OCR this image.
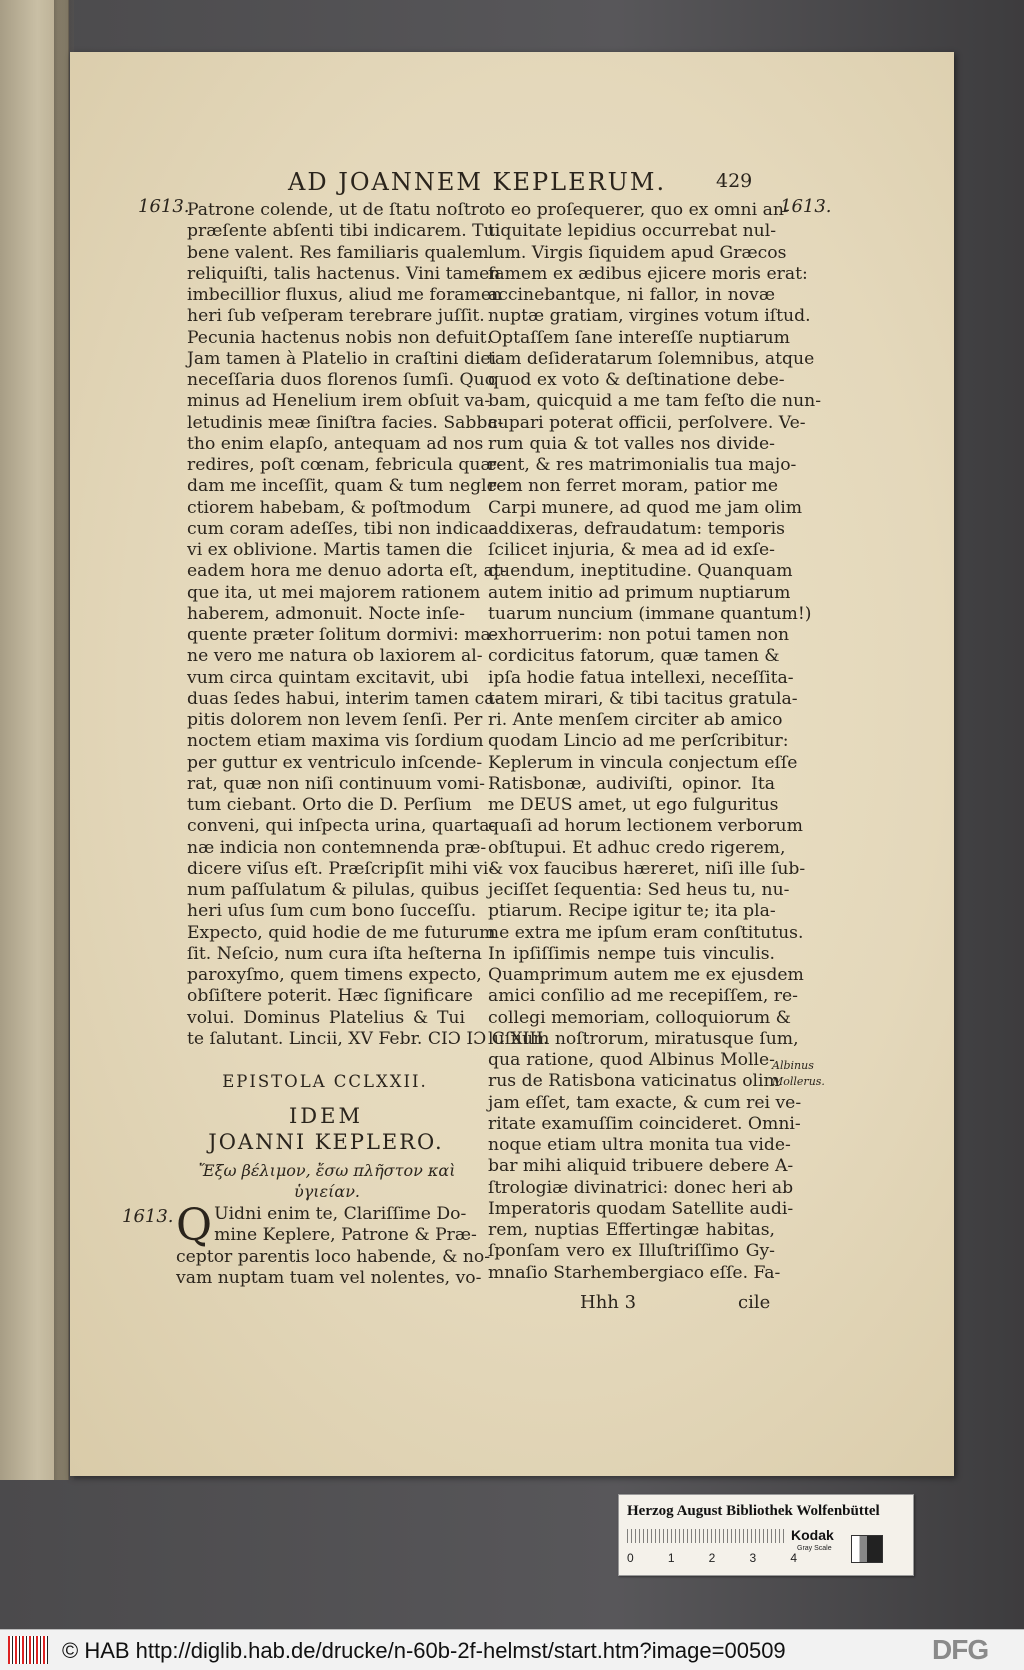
AD JOANNEM KEPLERUM.	429
1613.	1613.
1613.
Patrone colende, ut de ſtatu noſtro
præſente abſenti tibi indicarem. Tui
bene valent. Res familiaris qualem
reliquiſti, talis hactenus. Vini tamen
imbecillior fluxus, aliud me foramen
heri ſub veſperam terebrare juſſit.
Pecunia hactenus nobis non defuit.
Jam tamen à Platelio in craſtini diei
neceſſaria duos florenos ſumſi. Quo
minus ad Henelium irem obſuit va-
letudinis meæ ſiniſtra facies. Sabba-
tho enim elapſo, antequam ad nos
redires, poſt cœnam, febricula quæ-
dam me inceſſit, quam & tum negle-
ctiorem habebam, & poſtmodum
cum coram adeſſes, tibi non indica-
vi ex oblivione. Martis tamen die
eadem hora me denuo adorta eſt, at-
que ita, ut mei majorem rationem
haberem, admonuit. Nocte inſe-
quente præter ſolitum dormivi: ma-
ne vero me natura ob laxiorem al-
vum circa quintam excitavit, ubi
duas ſedes habui, interim tamen ca-
pitis dolorem non levem ſenſi. Per
noctem etiam maxima vis ſordium
per guttur ex ventriculo inſcende-
rat, quæ non niſi continuum vomi-
tum ciebant. Orto die D. Perſium
conveni, qui inſpecta urina, quarta-
næ indicia non contemnenda præ-
dicere viſus eſt. Præſcripſit mihi vi-
num paſſulatum & pilulas, quibus
heri uſus ſum cum bono ſucceſſu.
Expecto, quid hodie de me futurum
ſit. Neſcio, num cura iſta heſterna
paroxyſmo, quem timens expecto,
obſiſtere poterit. Hæc ſignificare
volui. Dominus Platelius & Tui
te ſalutant. Lincii, XV Febr. CIƆ IƆ C XIII.
EPISTOLA CCLXXII.
IDEM
JOANNI KEPLERO.
Ἔξω βέλιμον, ἔσω πλῆστον καὶ ὑγιείαν.
Q Uidni enim te, Clariſſime Do-
mine Keplere, Patrone & Præ-
ceptor parentis loco habende, & no-
vam nuptam tuam vel nolentes, vo-
to eo proſequerer, quo ex omni an-
tiquitate lepidius occurrebat nul-
lum. Virgis ſiquidem apud Græcos
famem ex ædibus ejicere moris erat:
accinebantque, ni fallor, in novæ
nuptæ gratiam, virgines votum iſtud.
Optaſſem ſane intereſſe nuptiarum
tam deſideratarum ſolemnibus, atque
quod ex voto & deſtinatione debe-
bam, quicquid a me tam feſto die nun-
cupari poterat officii, perſolvere. Ve-
rum quia & tot valles nos divide-
rent, & res matrimonialis tua majo-
rem non ferret moram, patior me
Carpi munere, ad quod me jam olim
addixeras, defraudatum: temporis
ſcilicet injuria, & mea ad id exſe-
quendum, ineptitudine. Quanquam
autem initio ad primum nuptiarum
tuarum nuncium (immane quantum!)
exhorruerim: non potui tamen non
cordicitus fatorum, quæ tamen &
ipſa hodie fatua intellexi, neceſſita-
tatem mirari, & tibi tacitus gratula-
ri. Ante menſem circiter ab amico
quodam Lincio ad me perſcribitur:
Keplerum in vincula conjectum eſſe
Ratisbonæ, audiviſti, opinor. Ita
me DEUS amet, ut ego fulguritus
quaſi ad horum lectionem verborum
obſtupui. Et adhuc credo rigerem,
& vox faucibus hæreret, niſi ille ſub-
jeciſſet ſequentia: Sed heus tu, nu-
ptiarum. Recipe igitur te; ita pla-
ne extra me ipſum eram conſtitutus.
In ipſiſſimis nempe tuis vinculis.
Quamprimum autem me ex ejusdem
amici conſilio ad me recepiſſem, re-
collegi memoriam, colloquiorum &
luſuum noſtrorum, miratusque ſum,
qua ratione, quod Albinus Molle-
rus de Ratisbona vaticinatus olim
jam eſſet, tam exacte, & cum rei ve-
ritate examuſſim coincideret. Omni-
noque etiam ultra monita tua vide-
bar mihi aliquid tribuere debere A-
ſtrologiæ divinatrici: donec heri ab
Imperatoris quodam Satellite audi-
rem, nuptias Effertingæ habitas,
ſponſam vero ex Illuſtriſſimo Gy-
mnaſio Starhembergiaco eſſe. Fa-
Albinus
Mollerus.
Hhh 3	cile
Herzog August Bibliothek Wolfenbüttel
0	1	2	3	4
Kodak
Gray Scale
© HAB http://diglib.hab.de/drucke/n-60b-2f-helmst/start.htm?image=00509	DFG
